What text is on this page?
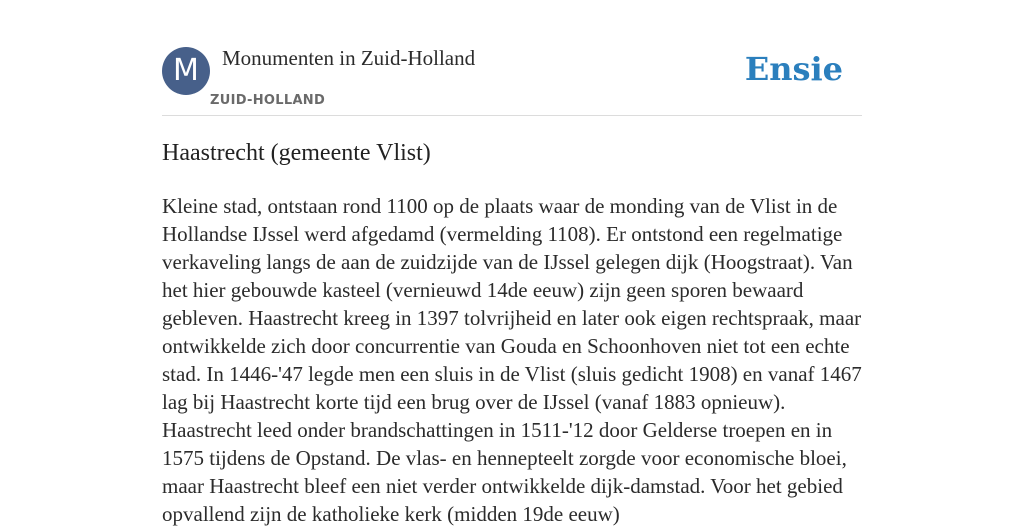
M	Monumenten in Zuid-Holland
ZUID-HOLLAND
Ensie
Haastrecht (gemeente Vlist)

Kleine stad, ontstaan rond 1100 op de plaats waar de monding van de Vlist in de Hollandse IJssel werd afgedamd (vermelding 1108). Er ontstond een regelmatige verkaveling langs de aan de zuidzijde van de IJssel gelegen dijk (Hoogstraat). Van het hier gebouwde kasteel (vernieuwd 14de eeuw) zijn geen sporen bewaard gebleven. Haastrecht kreeg in 1397 tolvrijheid en later ook eigen rechtspraak, maar ontwikkelde zich door concurrentie van Gouda en Schoonhoven niet tot een echte stad. In 1446-'47 legde men een sluis in de Vlist (sluis gedicht 1908) en vanaf 1467 lag bij Haastrecht korte tijd een brug over de IJssel (vanaf 1883 opnieuw). Haastrecht leed onder brandschattingen in 1511-'12 door Gelderse troepen en in 1575 tijdens de Opstand. De vlas- en hennepteelt zorgde voor economische bloei, maar Haastrecht bleef een niet verder ontwikkelde dijk-damstad. Voor het gebied opvallend zijn de katholieke kerk (midden 19de eeuw)
